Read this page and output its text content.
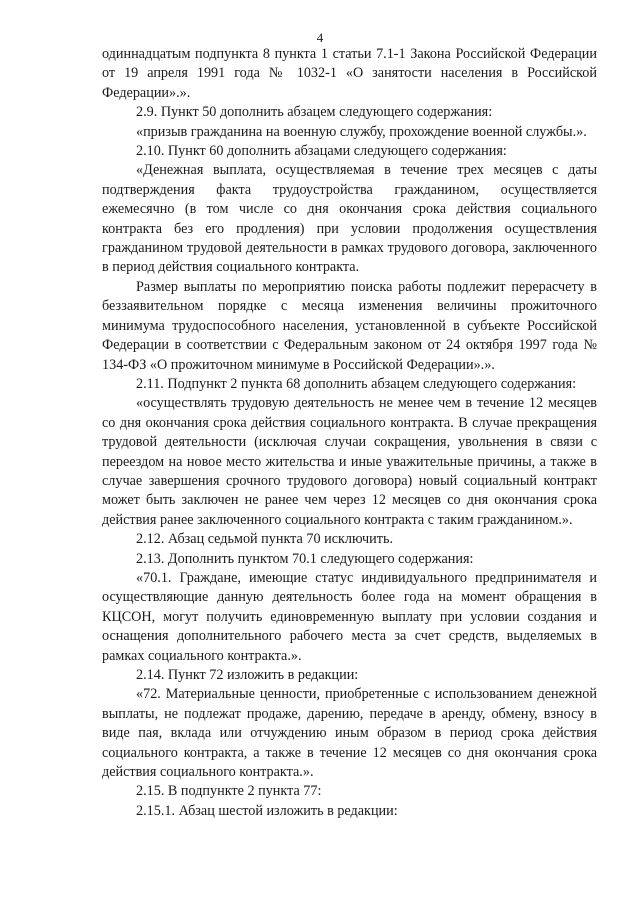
4

одиннадцатым подпункта 8 пункта 1 статьи 7.1-1 Закона Российской Федерации от 19 апреля 1991 года № 1032-1 «О занятости населения в Российской Федерации».».

2.9. Пункт 50 дополнить абзацем следующего содержания:

«призыв гражданина на военную службу, прохождение военной службы.».

2.10. Пункт 60 дополнить абзацами следующего содержания:

«Денежная выплата, осуществляемая в течение трех месяцев с даты подтверждения факта трудоустройства гражданином, осуществляется ежемесячно (в том числе со дня окончания срока действия социального контракта без его продления) при условии продолжения осуществления гражданином трудовой деятельности в рамках трудового договора, заключенного в период действия социального контракта.

Размер выплаты по мероприятию поиска работы подлежит перерасчету в беззаявительном порядке с месяца изменения величины прожиточного минимума трудоспособного населения, установленной в субъекте Российской Федерации в соответствии с Федеральным законом от 24 октября 1997 года № 134-ФЗ «О прожиточном минимуме в Российской Федерации».».

2.11. Подпункт 2 пункта 68 дополнить абзацем следующего содержания:

«осуществлять трудовую деятельность не менее чем в течение 12 месяцев со дня окончания срока действия социального контракта. В случае прекращения трудовой деятельности (исключая случаи сокращения, увольнения в связи с переездом на новое место жительства и иные уважительные причины, а также в случае завершения срочного трудового договора) новый социальный контракт может быть заключен не ранее чем через 12 месяцев со дня окончания срока действия ранее заключенного социального контракта с таким гражданином.».

2.12. Абзац седьмой пункта 70 исключить.

2.13. Дополнить пунктом 70.1 следующего содержания:

«70.1. Граждане, имеющие статус индивидуального предпринимателя и осуществляющие данную деятельность более года на момент обращения в КЦСОН, могут получить единовременную выплату при условии создания и оснащения дополнительного рабочего места за счет средств, выделяемых в рамках социального контракта.».

2.14. Пункт 72 изложить в редакции:

«72. Материальные ценности, приобретенные с использованием денежной выплаты, не подлежат продаже, дарению, передаче в аренду, обмену, взносу в виде пая, вклада или отчуждению иным образом в период срока действия социального контракта, а также в течение 12 месяцев со дня окончания срока действия социального контракта.».

2.15. В подпункте 2 пункта 77:

2.15.1. Абзац шестой изложить в редакции:
